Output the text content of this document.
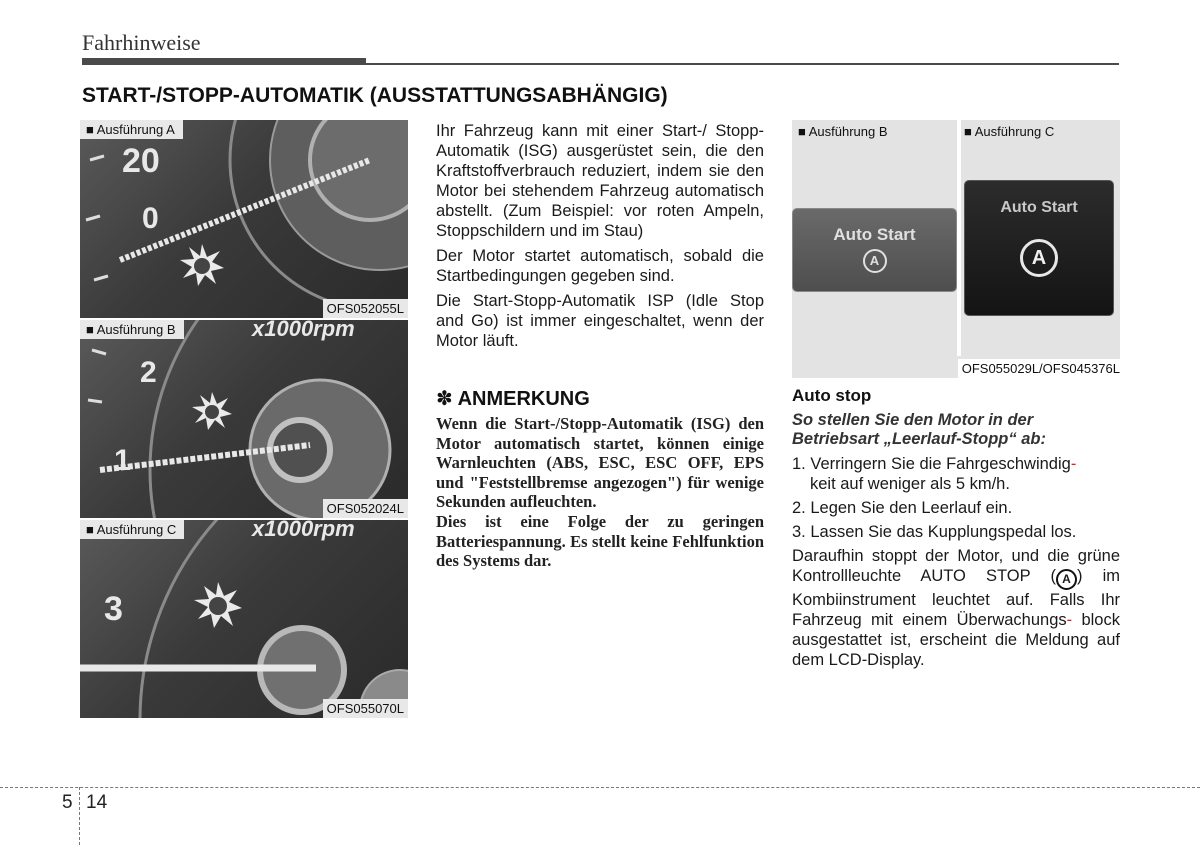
Fahrhinweise
START-/STOPP-AUTOMATIK (AUSSTATTUNGSABHÄNGIG)
20
0
■ Ausführung A
OFS052055L
x1000rpm
2
1
■ Ausführung B
OFS052024L
x1000rpm
3
■ Ausführung C
OFS055070L

Ihr Fahrzeug kann mit einer Start-/ Stopp-Automatik (ISG) ausgerüstet sein, die den Kraftstoffverbrauch reduziert, indem sie den Motor bei stehendem Fahrzeug automatisch abstellt. (Zum Beispiel: vor roten Ampeln, Stoppschildern und im Stau)

Der Motor startet automatisch, sobald die Startbedingungen gegeben sind.

Die Start-Stopp-Automatik ISP (Idle Stop and Go) ist immer eingeschaltet, wenn der Motor läuft.

✽ ANMERKUNG

Wenn die Start-/Stopp-Automatik (ISG) den Motor automatisch startet, können einige Warnleuchten (ABS, ESC, ESC OFF, EPS und "Feststellbremse angezogen") für wenige Sekunden aufleuchten.

Dies ist eine Folge der zu geringen Batteriespannung. Es stellt keine Fehlfunktion des Systems dar.

■ Ausführung B	■ Ausführung C
Auto Start
A
Auto Start
A
OFS055029L/OFS045376L
Auto stop
So stellen Sie den Motor in der Betriebsart „Leerlauf-Stopp“ ab:
1. Verringern Sie die Fahrgeschwindig-
keit auf weniger als 5 km/h.
2. Legen Sie den Leerlauf ein.
3. Lassen Sie das Kupplungspedal los.
Daraufhin stoppt der Motor, und die grüne Kontrollleuchte AUTO STOP ( A ) im Kombiinstrument leuchtet auf. Falls Ihr Fahrzeug mit einem Überwachungs- block ausgestattet ist, erscheint die Meldung auf dem LCD-Display.
5 14
